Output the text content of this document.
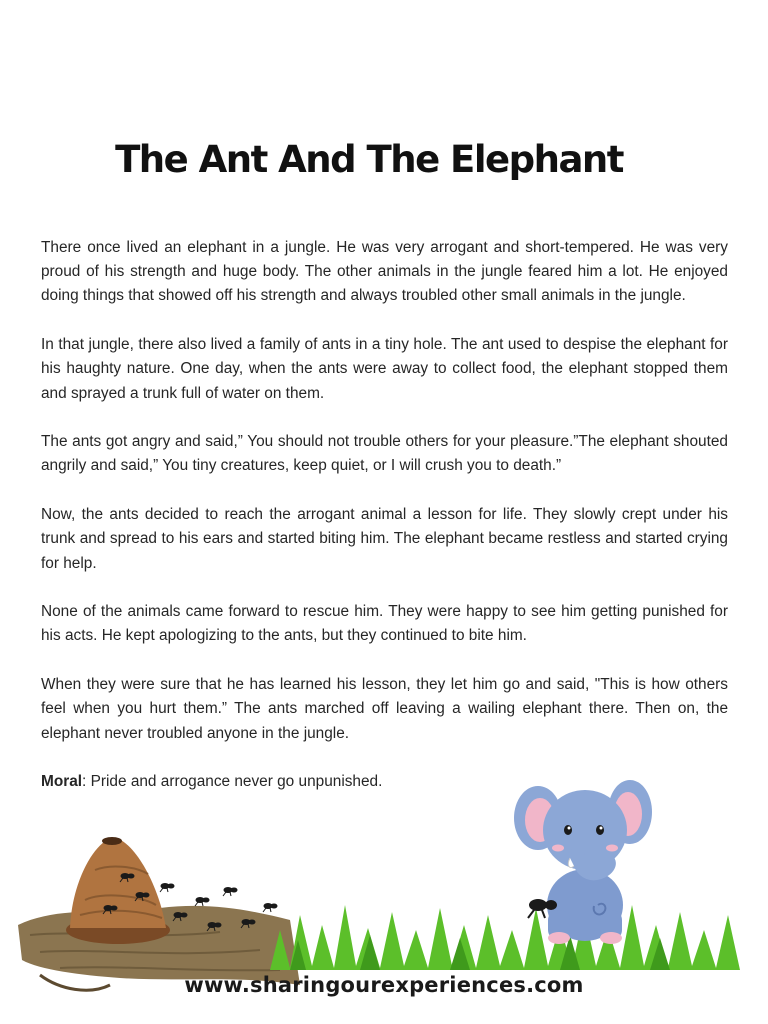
The Ant And The Elephant

There once lived an elephant in a jungle. He was very arrogant and short-tempered. He was very proud of his strength and huge body. The other animals in the jungle feared him a lot. He enjoyed doing things that showed off his strength and always troubled other small animals in the jungle.

In that jungle, there also lived a family of ants in a tiny hole. The ant used to despise the elephant for his haughty nature. One day, when the ants were away to collect food, the elephant stopped them and sprayed a trunk full of water on them.

The ants got angry and said,” You should not trouble others for your pleasure.”The elephant shouted angrily and said,” You tiny creatures, keep quiet, or I will crush you to death.”

Now, the ants decided to reach the arrogant animal a lesson for life. They slowly crept under his trunk and spread to his ears and started biting him. The elephant became restless and started crying for help.

None of the animals came forward to rescue him. They were happy to see him getting punished for his acts. He kept apologizing to the ants, but they continued to bite him.

When they were sure that he has learned his lesson, they let him go and said, "This is how others feel when you hurt them.” The ants marched off leaving a wailing elephant there. Then on, the elephant never troubled anyone in the jungle.

Moral: Pride and arrogance never go unpunished.

www.sharingourexperiences.com
